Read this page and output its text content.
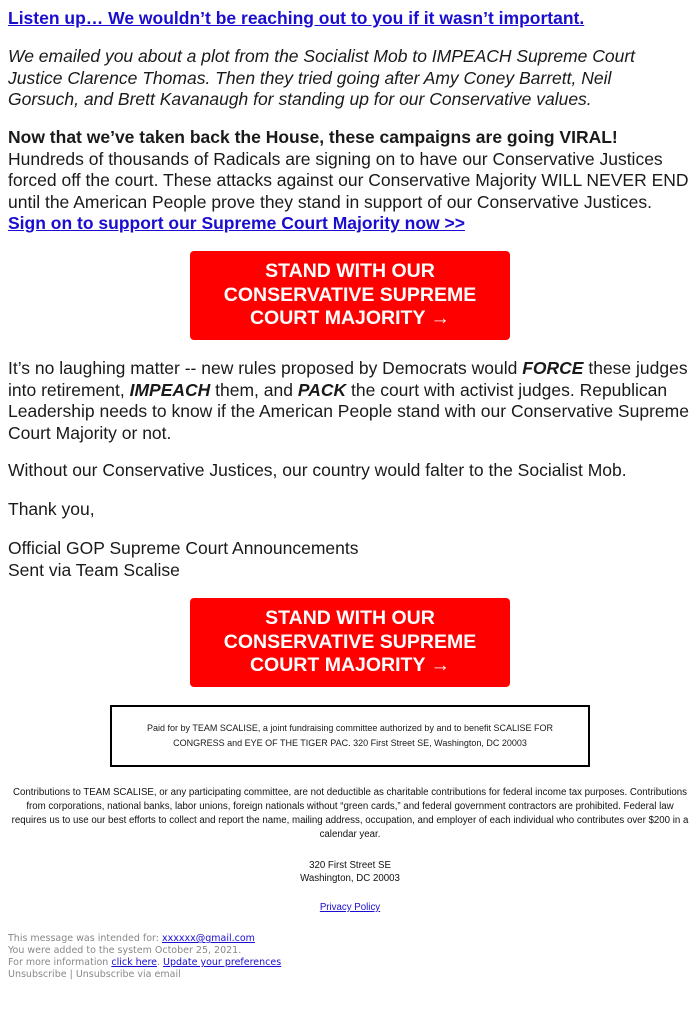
Listen up… We wouldn’t be reaching out to you if it wasn’t important.

We emailed you about a plot from the Socialist Mob to IMPEACH Supreme Court Justice Clarence Thomas. Then they tried going after Amy Coney Barrett, Neil Gorsuch, and Brett Kavanaugh for standing up for our Conservative values.

Now that we’ve taken back the House, these campaigns are going VIRAL! Hundreds of thousands of Radicals are signing on to have our Conservative Justices forced off the court. These attacks against our Conservative Majority WILL NEVER END until the American People prove they stand in support of our Conservative Justices. Sign on to support our Supreme Court Majority now >>

It’s no laughing matter -- new rules proposed by Democrats would FORCE these judges into retirement, IMPEACH them, and PACK the court with activist judges. Republican Leadership needs to know if the American People stand with our Conservative Supreme Court Majority or not.

Without our Conservative Justices, our country would falter to the Socialist Mob.

Thank you,

Official GOP Supreme Court Announcements
Sent via Team Scalise

STAND WITH OUR CONSERVATIVE SUPREME COURT MAJORITY →
STAND WITH OUR CONSERVATIVE SUPREME COURT MAJORITY →
Paid for by TEAM SCALISE, a joint fundraising committee authorized by and to benefit SCALISE FOR CONGRESS and EYE OF THE TIGER PAC. 320 First Street SE, Washington, DC 20003

Contributions to TEAM SCALISE, or any participating committee, are not deductible as charitable contributions for federal income tax purposes. Contributions from corporations, national banks, labor unions, foreign nationals without “green cards,” and federal government contractors are prohibited. Federal law requires us to use our best efforts to collect and report the name, mailing address, occupation, and employer of each individual who contributes over $200 in a calendar year.

320 First Street SE
Washington, DC 20003

Privacy Policy

This message was intended for: xxxxxx@gmail.com
You were added to the system October 25, 2021.
For more information click here. Update your preferences
Unsubscribe | Unsubscribe via email
